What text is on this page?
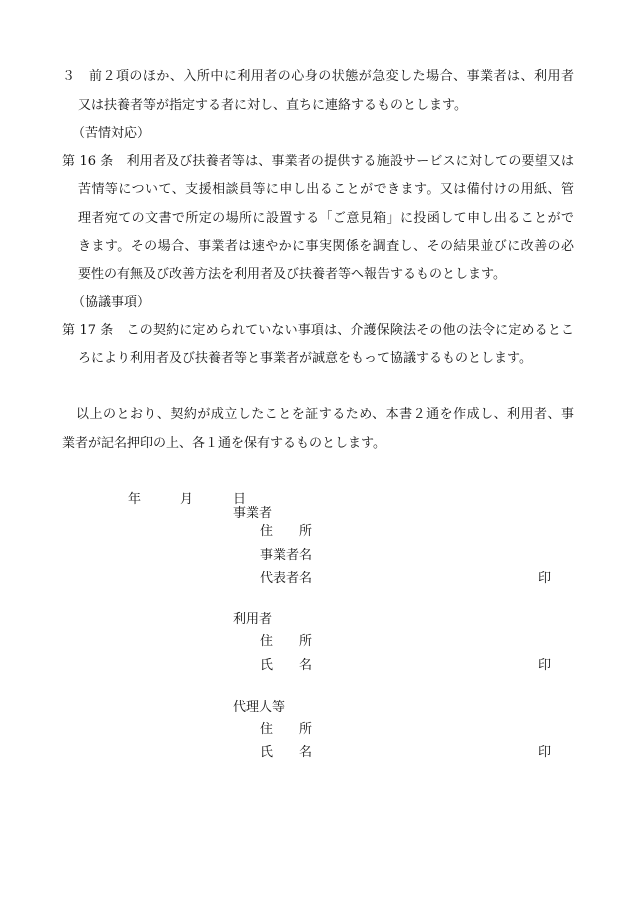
３　前２項のほか、入所中に利用者の心身の状態が急変した場合、事業者は、利用者
又は扶養者等が指定する者に対し、直ちに連絡するものとします。
（苦情対応）
第 16 条　利用者及び扶養者等は、事業者の提供する施設サービスに対しての要望又は
苦情等について、支援相談員等に申し出ることができます。又は備付けの用紙、管
理者宛ての文書で所定の場所に設置する「ご意見箱」に投函して申し出ることがで
きます。その場合、事業者は速やかに事実関係を調査し、その結果並びに改善の必
要性の有無及び改善方法を利用者及び扶養者等へ報告するものとします。
（協議事項）
第 17 条　この契約に定められていない事項は、介護保険法その他の法令に定めるとこ
ろにより利用者及び扶養者等と事業者が誠意をもって協議するものとします。
以上のとおり、契約が成立したことを証するため、本書２通を作成し、利用者、事
業者が記名押印の上、各１通を保有するものとします。
年	月	日
事業者
住　　所
事業者名
代表者名	印
利用者
住　　所
氏　　名	印
代理人等
住　　所
氏　　名	印
